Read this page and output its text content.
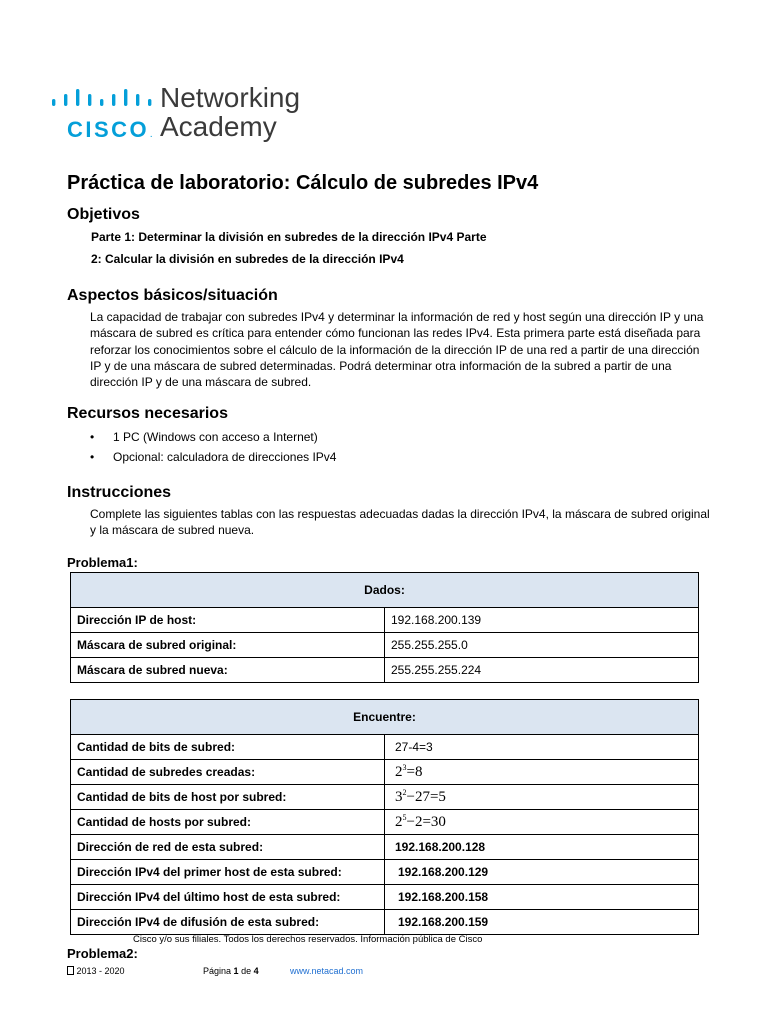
CISCO.
Networking
Academy
Práctica de laboratorio: Cálculo de subredes IPv4
Objetivos
Parte 1: Determinar la división en subredes de la dirección IPv4 Parte
2: Calcular la división en subredes de la dirección IPv4
Aspectos básicos/situación
La capacidad de trabajar con subredes IPv4 y determinar la información de red y host según una dirección IP y una máscara de subred es crítica para entender cómo funcionan las redes IPv4. Esta primera parte está diseñada para reforzar los conocimientos sobre el cálculo de la información de la dirección IP de una red a partir de una dirección IP y de una máscara de subred determinadas. Podrá determinar otra información de la subred a partir de una dirección IP y de una máscara de subred.
Recursos necesarios
• 1 PC (Windows con acceso a Internet)
• Opcional: calculadora de direcciones IPv4
Instrucciones
Complete las siguientes tablas con las respuestas adecuadas dadas la dirección IPv4, la máscara de subred original y la máscara de subred nueva.
Problema1:
Dados:	
Dirección IP de host:	192.168.200.139
Máscara de subred original:	255.255.255.0
Máscara de subred nueva:	255.255.255.224
Encuentre:	
Cantidad de bits de subred:	27-4=3
Cantidad de subredes creadas:	$2^3=8$
Cantidad de bits de host por subred:	$3^2-27=5$
Cantidad de hosts por subred:	$2^5-2=30$
Dirección de red de esta subred:	192.168.200.128
Dirección IPv4 del primer host de esta subred:	192.168.200.129
Dirección IPv4 del último host de esta subred:	192.168.200.158
Dirección IPv4 de difusión de esta subred:	192.168.200.159
Cisco y/o sus filiales. Todos los derechos reservados. Información pública de Cisco
Problema2:
2013 - 2020	Página 1 de 4	www.netacad.com
